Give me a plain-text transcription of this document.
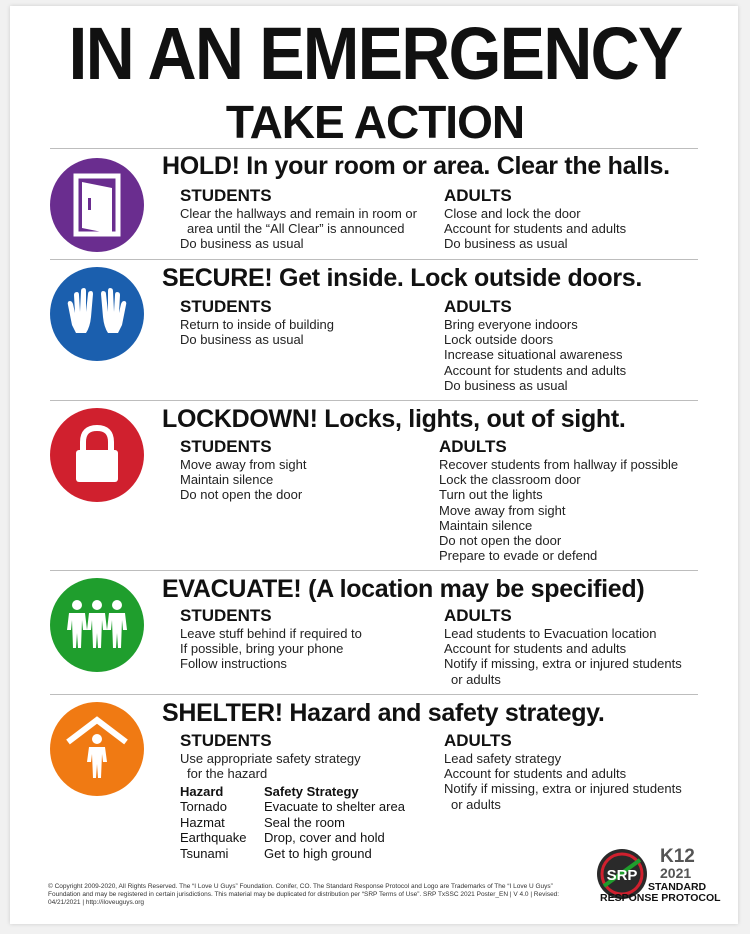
IN AN EMERGENCY
TAKE ACTION
HOLD! In your room or area. Clear the halls.
STUDENTS
Clear the hallways and remain in room or
area until the “All Clear” is announced
Do business as usual
ADULTS
Close and lock the door
Account for students and adults
Do business as usual
SECURE! Get inside. Lock outside doors.
STUDENTS
Return to inside of building
Do business as usual
ADULTS
Bring everyone indoors
Lock outside doors
Increase situational awareness
Account for students and adults
Do business as usual
LOCKDOWN! Locks, lights, out of sight.
STUDENTS
Move away from sight
Maintain silence
Do not open the door
ADULTS
Recover students from hallway if possible
Lock the classroom door
Turn out the lights
Move away from sight
Maintain silence
Do not open the door
Prepare to evade or defend
EVACUATE! (A location may be specified)
STUDENTS
Leave stuff behind if required to
If possible, bring your phone
Follow instructions
ADULTS
Lead students to Evacuation location
Account for students and adults
Notify if missing, extra or injured students
or adults
SHELTER! Hazard and safety strategy.
STUDENTS
Use appropriate safety strategy
for the hazard
ADULTS
Lead safety strategy
Account for students and adults
Notify if missing, extra or injured students
or adults
Hazard
Tornado
Hazmat
Earthquake
Tsunami
Safety Strategy
Evacuate to shelter area
Seal the room
Drop, cover and hold
Get to high ground
© Copyright 2009-2020, All Rights Reserved. The “I Love U Guys” Foundation. Conifer, CO. The Standard Response Protocol and Logo are Trademarks of The “I Love U Guys” Foundation and may be registered in certain jurisdictions. This material may be duplicated for distribution per “SRP Terms of Use”. SRP TxSSC 2021 Poster_EN | V 4.0 | Revised: 04/21/2021 | http://iloveuguys.org
SRP
K12
2021
STANDARD
RESPONSE PROTOCOL
